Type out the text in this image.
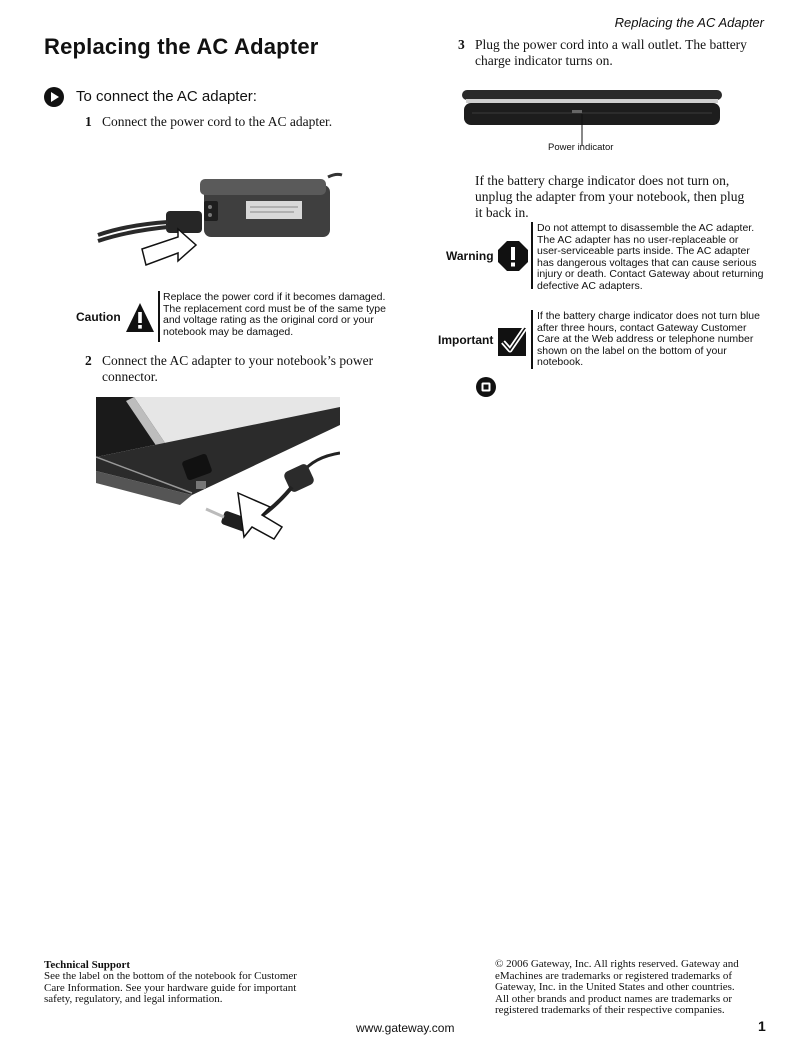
Replacing the AC Adapter
Replacing the AC Adapter
To connect the AC adapter:
1 Connect the power cord to the AC adapter.
Caution
Replace the power cord if it becomes damaged.
The replacement cord must be of the same type
and voltage rating as the original cord or your
notebook may be damaged.
2 Connect the AC adapter to your notebook’s power
connector.
3 Plug the power cord into a wall outlet. The battery
charge indicator turns on.
Power indicator
If the battery charge indicator does not turn on,
unplug the adapter from your notebook, then plug
it back in.
Warning
Do not attempt to disassemble the AC adapter.
The AC adapter has no user-replaceable or
user-serviceable parts inside. The AC adapter
has dangerous voltages that can cause serious
injury or death. Contact Gateway about returning
defective AC adapters.
Important
If the battery charge indicator does not turn blue
after three hours, contact Gateway Customer
Care at the Web address or telephone number
shown on the label on the bottom of your
notebook.
Technical Support
See the label on the bottom of the notebook for Customer
Care Information. See your hardware guide for important
safety, regulatory, and legal information.
© 2006 Gateway, Inc. All rights reserved. Gateway and
eMachines are trademarks or registered trademarks of
Gateway, Inc. in the United States and other countries.
All other brands and product names are trademarks or
registered trademarks of their respective companies.
www.gateway.com	1
